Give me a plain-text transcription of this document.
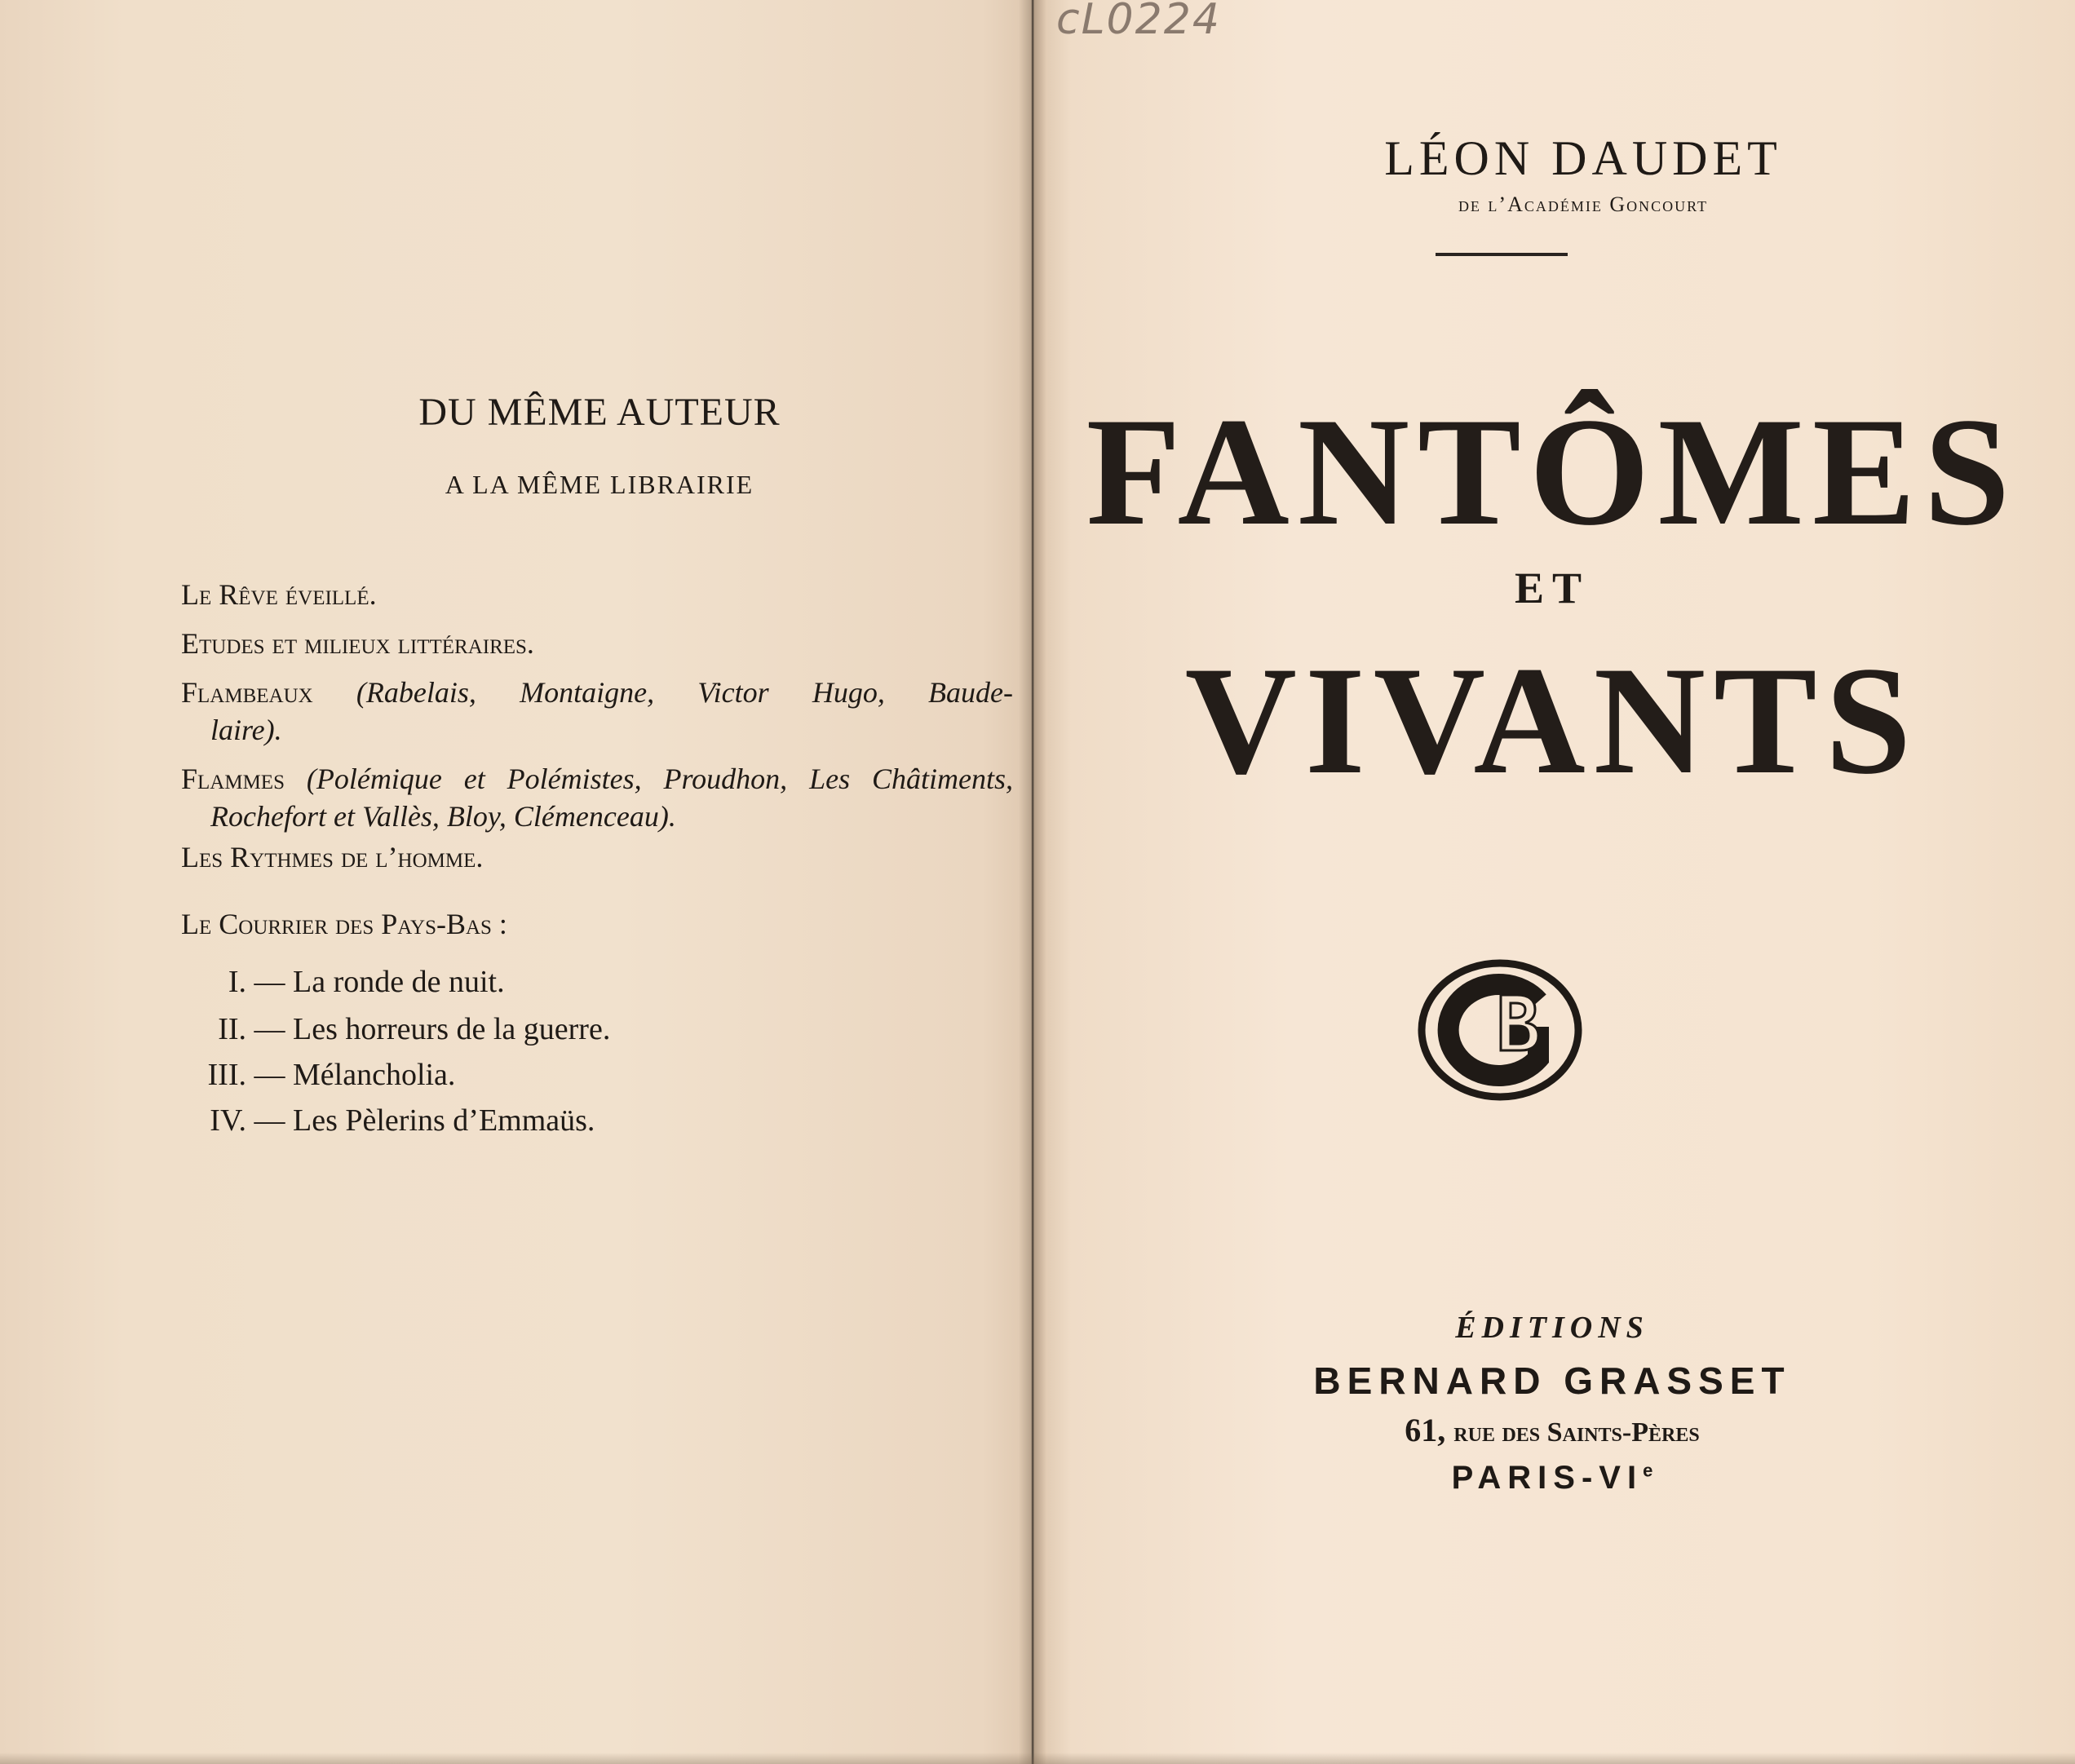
DU MÊME AUTEUR
A LA MÊME LIBRAIRIE
Le Rêve éveillé.
Etudes et milieux littéraires.
Flambeaux (Rabelais, Montaigne, Victor Hugo, Baude-
laire).
Flammes (Polémique et Polémistes, Proudhon, Les Châtiments,
Rochefort et Vallès, Bloy, Clémenceau).
Les Rythmes de l’homme.
Le Courrier des Pays-Bas :
I. — La ronde de nuit.
II. — Les horreurs de la guerre.
III. — Mélancholia.
IV. — Les Pèlerins d’Emmaüs.
cL0224
LÉON DAUDET
de l’Académie Goncourt
FANTÔMES
ET
VIVANTS
ÉDITIONS
BERNARD GRASSET
61, rue des Saints-Pères
PARIS-VIe
